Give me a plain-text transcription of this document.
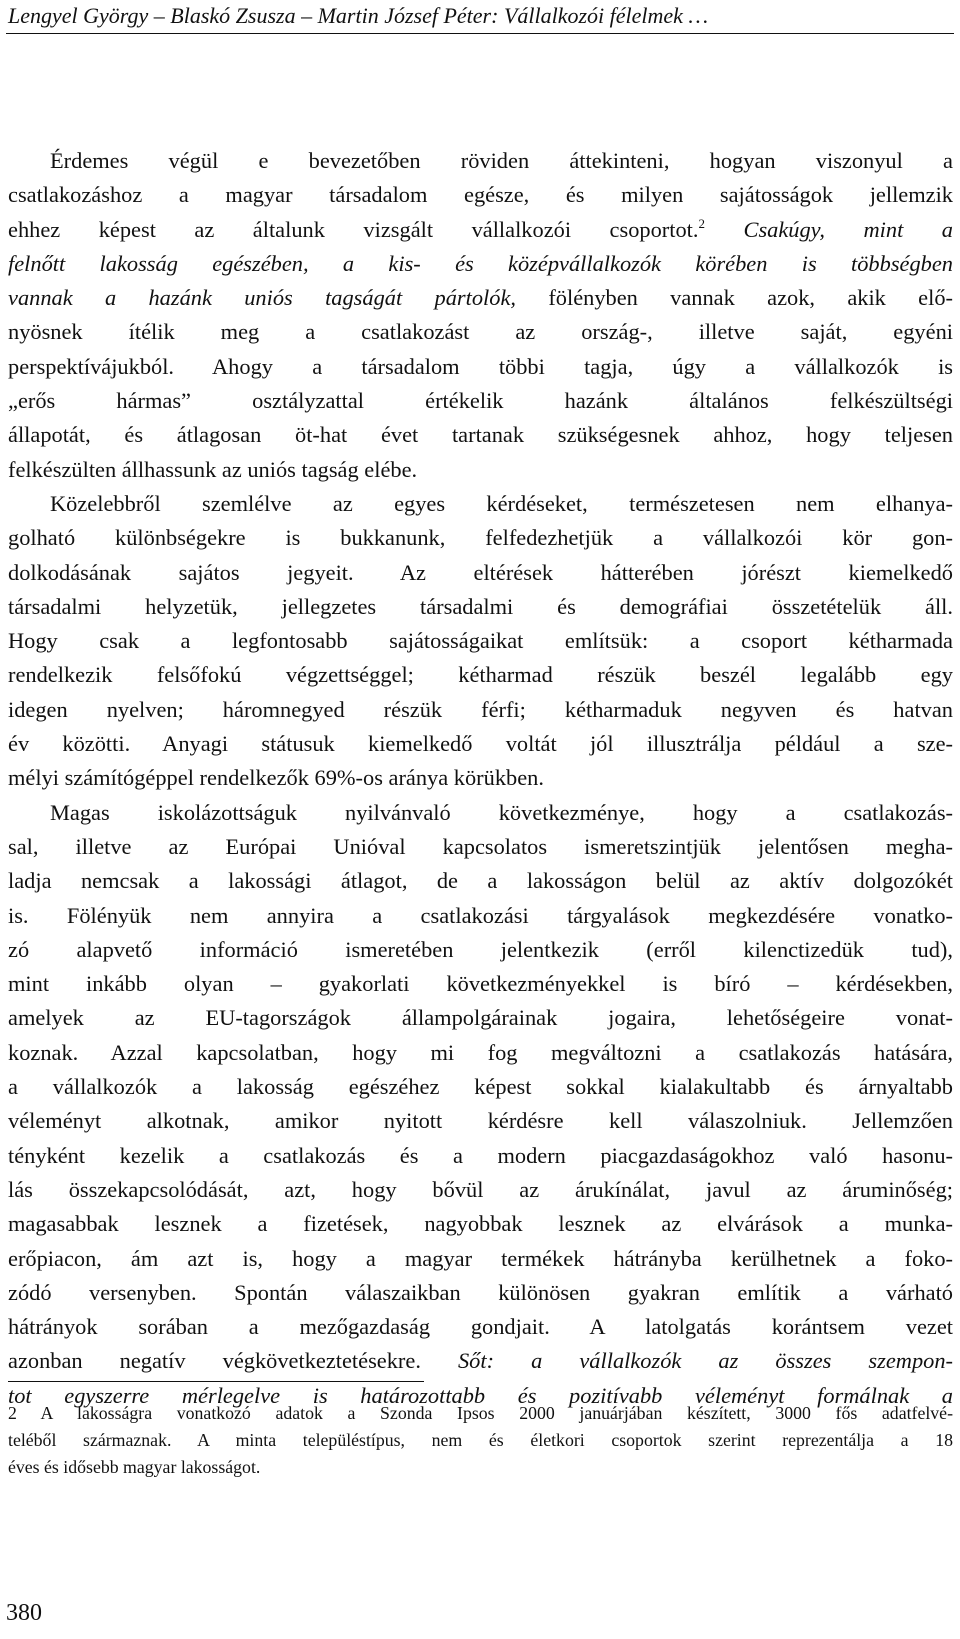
Lengyel György – Blaskó Zsusza – Martin József Péter: Vállalkozói félelmek …
Érdemes végül e bevezetőben röviden áttekinteni, hogyan viszonyul a
csatlakozáshoz a magyar társadalom egésze, és milyen sajátosságok jellemzik
ehhez képest az általunk vizsgált vállalkozói csoportot.$^2$ Csakúgy, mint a
felnőtt lakosság egészében, a kis- és középvállalkozók körében is többségben
vannak a hazánk uniós tagságát pártolók, fölényben vannak azok, akik elő-
nyösnek ítélik meg a csatlakozást az ország-, illetve saját, egyéni
perspektívájukból. Ahogy a társadalom többi tagja, úgy a vállalkozók is
„erős hármas” osztályzattal értékelik hazánk általános felkészültségi
állapotát, és átlagosan öt-hat évet tartanak szükségesnek ahhoz, hogy teljesen
felkészülten állhassunk az uniós tagság elébe.
Közelebbről szemlélve az egyes kérdéseket, természetesen nem elhanya-
golható különbségekre is bukkanunk, felfedezhetjük a vállalkozói kör gon-
dolkodásának sajátos jegyeit. Az eltérések hátterében jórészt kiemelkedő
társadalmi helyzetük, jellegzetes társadalmi és demográfiai összetételük áll.
Hogy csak a legfontosabb sajátosságaikat említsük: a csoport kétharmada
rendelkezik felsőfokú végzettséggel; kétharmad részük beszél legalább egy
idegen nyelven; háromnegyed részük férfi; kétharmaduk negyven és hatvan
év közötti. Anyagi státusuk kiemelkedő voltát jól illusztrálja például a sze-
mélyi számítógéppel rendelkezők 69%-os aránya körükben.
Magas iskolázottságuk nyilvánvaló következménye, hogy a csatlakozás-
sal, illetve az Európai Unióval kapcsolatos ismeretszintjük jelentősen megha-
ladja nemcsak a lakossági átlagot, de a lakosságon belül az aktív dolgozókét
is. Fölényük nem annyira a csatlakozási tárgyalások megkezdésére vonatko-
zó alapvető információ ismeretében jelentkezik (erről kilenctizedük tud),
mint inkább olyan – gyakorlati következményekkel is bíró – kérdésekben,
amelyek az EU-tagországok állampolgárainak jogaira, lehetőségeire vonat-
koznak. Azzal kapcsolatban, hogy mi fog megváltozni a csatlakozás hatására,
a vállalkozók a lakosság egészéhez képest sokkal kialakultabb és árnyaltabb
véleményt alkotnak, amikor nyitott kérdésre kell válaszolniuk. Jellemzően
tényként kezelik a csatlakozás és a modern piacgazdaságokhoz való hasonu-
lás összekapcsolódását, azt, hogy bővül az árukínálat, javul az áruminőség;
magasabbak lesznek a fizetések, nagyobbak lesznek az elvárások a munka-
erőpiacon, ám azt is, hogy a magyar termékek hátrányba kerülhetnek a foko-
zódó versenyben. Spontán válaszaikban különösen gyakran említik a várható
hátrányok sorában a mezőgazdaság gondjait. A latolgatás korántsem vezet
azonban negatív végkövetkeztetésekre. Sőt: a vállalkozók az összes szempon-
tot egyszerre mérlegelve is határozottabb és pozitívabb véleményt formálnak a
2 A lakosságra vonatkozó adatok a Szonda Ipsos 2000 januárjában készített, 3000 fős adatfelvé-
teléből származnak. A minta településtípus, nem és életkori csoportok szerint reprezentálja a 18
éves és idősebb magyar lakosságot.
380
